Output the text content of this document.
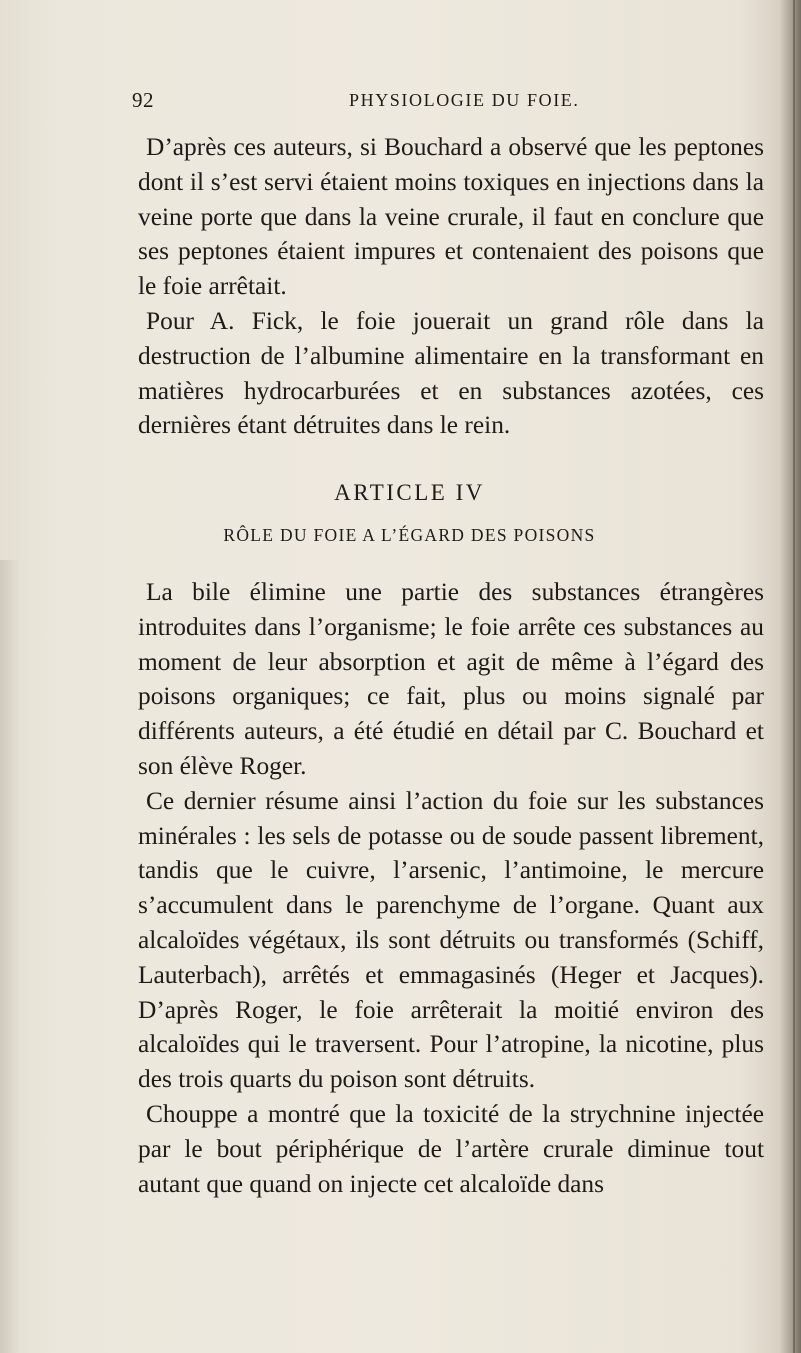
92	PHYSIOLOGIE DU FOIE.

D’après ces auteurs, si Bouchard a observé que les peptones dont il s’est servi étaient moins toxiques en injections dans la veine porte que dans la veine crurale, il faut en conclure que ses peptones étaient impures et contenaient des poisons que le foie arrêtait.

Pour A. Fick, le foie jouerait un grand rôle dans la destruction de l’albumine alimentaire en la transformant en matières hydrocarburées et en substances azotées, ces dernières étant détruites dans le rein.

ARTICLE IV
RÔLE DU FOIE A L’ÉGARD DES POISONS

La bile élimine une partie des substances étrangères introduites dans l’organisme; le foie arrête ces substances au moment de leur absorption et agit de même à l’égard des poisons organiques; ce fait, plus ou moins signalé par différents auteurs, a été étudié en détail par C. Bouchard et son élève Roger.

Ce dernier résume ainsi l’action du foie sur les substances minérales : les sels de potasse ou de soude passent librement, tandis que le cuivre, l’arsenic, l’antimoine, le mercure s’accumulent dans le parenchyme de l’organe. Quant aux alcaloïdes végétaux, ils sont détruits ou transformés (Schiff, Lauterbach), arrêtés et emmagasinés (Heger et Jacques). D’après Roger, le foie arrêterait la moitié environ des alcaloïdes qui le traversent. Pour l’atropine, la nicotine, plus des trois quarts du poison sont détruits.

Chouppe a montré que la toxicité de la strychnine injectée par le bout périphérique de l’artère crurale diminue tout autant que quand on injecte cet alcaloïde dans
